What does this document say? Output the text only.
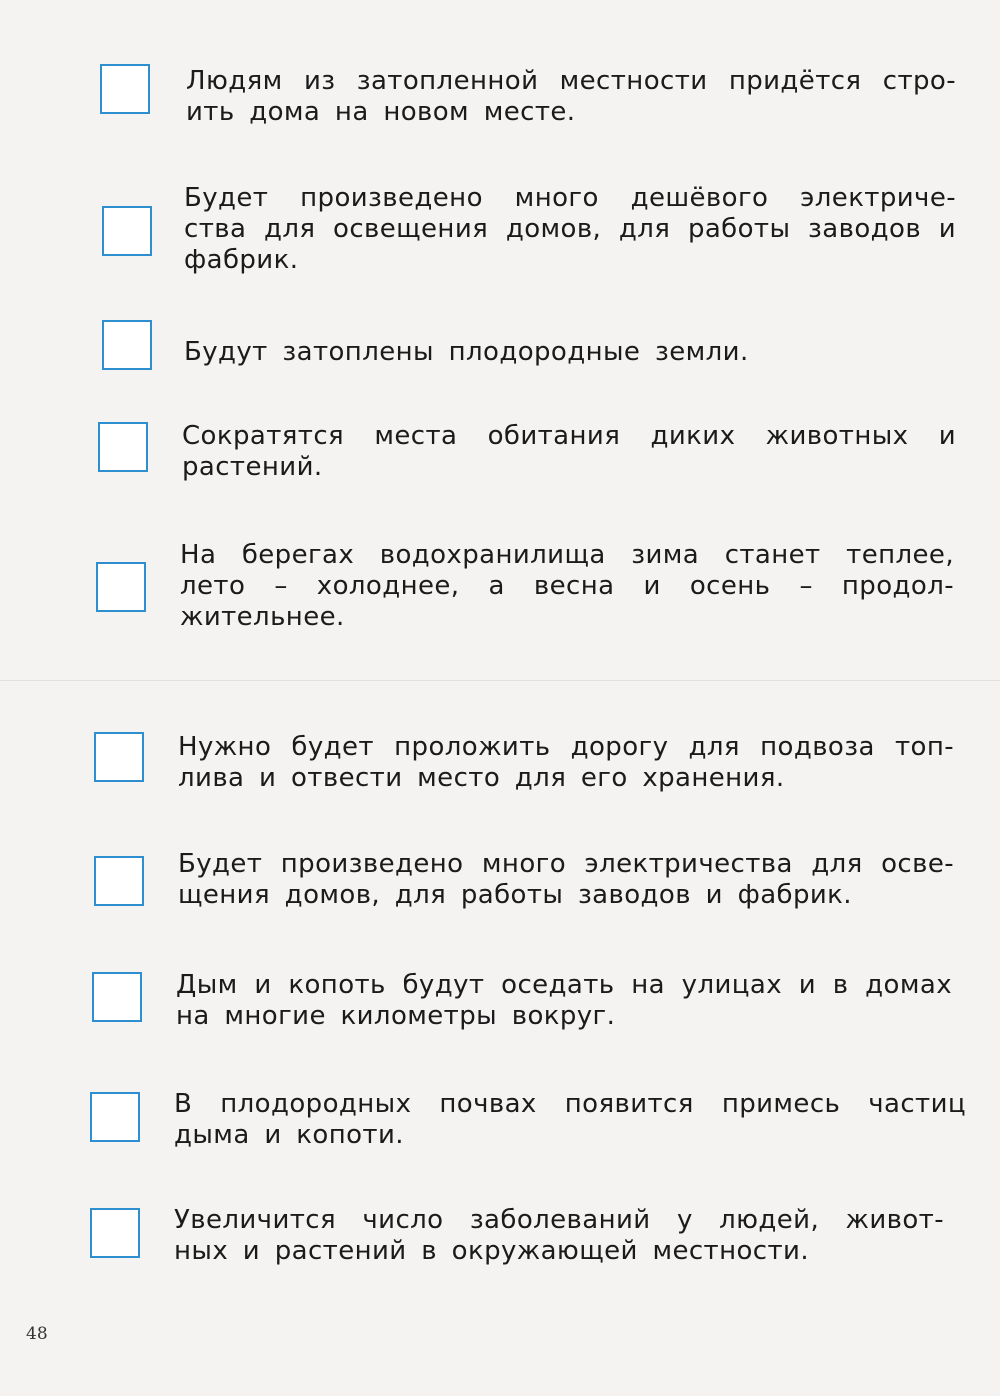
Людям из затопленной местности придётся стро- ить дома на новом месте.
Будет произведено много дешёвого электриче- ства для освещения домов, для работы заводов и фабрик.
Будут затоплены плодородные земли.
Сократятся места обитания диких животных и растений.
На берегах водохранилища зима станет теплее, лето – холоднее, а весна и осень – продол- жительнее.
Нужно будет проложить дорогу для подвоза топ- лива и отвести место для его хранения.
Будет произведено много электричества для осве- щения домов, для работы заводов и фабрик.
Дым и копоть будут оседать на улицах и в домах на многие километры вокруг.
В плодородных почвах появится примесь частиц дыма и копоти.
Увеличится число заболеваний у людей, живот- ных и растений в окружающей местности.
48
